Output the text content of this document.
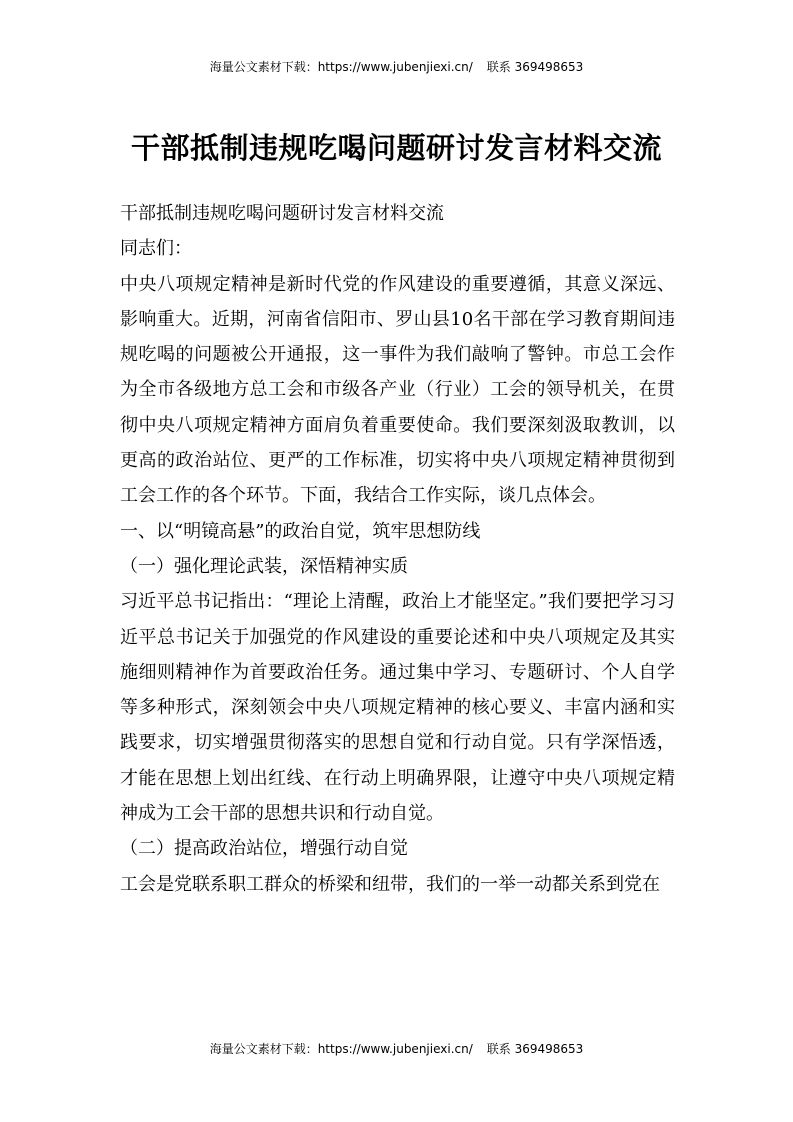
海量公文素材下载：https://www.jubenjiexi.cn/ 联系 369498653
干部抵制违规吃喝问题研讨发言材料交流

干部抵制违规吃喝问题研讨发言材料交流

同志们：

中央八项规定精神是新时代党的作风建设的重要遵循，其意义深远、影响重大。近期，河南省信阳市、罗山县10名干部在学习教育期间违规吃喝的问题被公开通报，这一事件为我们敲响了警钟。市总工会作为全市各级地方总工会和市级各产业（行业）工会的领导机关，在贯彻中央八项规定精神方面肩负着重要使命。我们要深刻汲取教训，以更高的政治站位、更严的工作标准，切实将中央八项规定精神贯彻到工会工作的各个环节。下面，我结合工作实际，谈几点体会。

一、以“明镜高悬”的政治自觉，筑牢思想防线

（一）强化理论武装，深悟精神实质

习近平总书记指出：“理论上清醒，政治上才能坚定。”我们要把学习习近平总书记关于加强党的作风建设的重要论述和中央八项规定及其实施细则精神作为首要政治任务。通过集中学习、专题研讨、个人自学等多种形式，深刻领会中央八项规定精神的核心要义、丰富内涵和实践要求，切实增强贯彻落实的思想自觉和行动自觉。只有学深悟透，才能在思想上划出红线、在行动上明确界限，让遵守中央八项规定精神成为工会干部的思想共识和行动自觉。

（二）提高政治站位，增强行动自觉

工会是党联系职工群众的桥梁和纽带，我们的一举一动都关系到党在

海量公文素材下载：https://www.jubenjiexi.cn/ 联系 369498653
